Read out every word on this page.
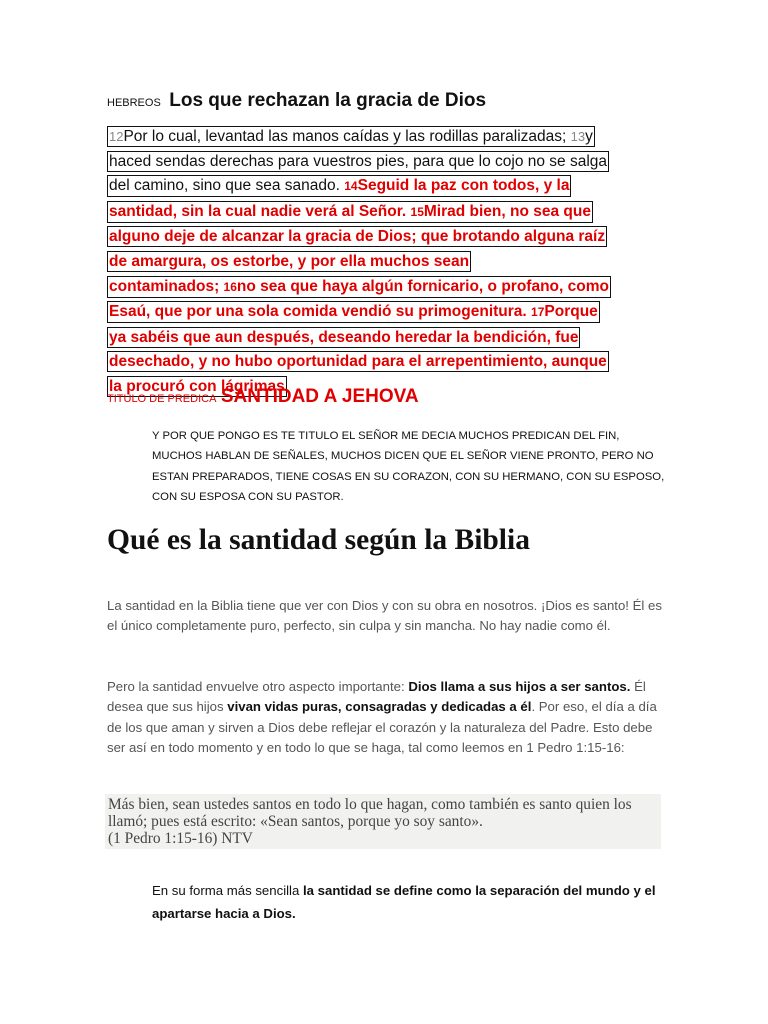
HEBREOS Los que rechazan la gracia de Dios
12Por lo cual, levantad las manos caídas y las rodillas paralizadas; 13y
haced sendas derechas para vuestros pies, para que lo cojo no se salga
del camino, sino que sea sanado. 14Seguid la paz con todos, y la
santidad, sin la cual nadie verá al Señor. 15Mirad bien, no sea que
alguno deje de alcanzar la gracia de Dios; que brotando alguna raíz
de amargura, os estorbe, y por ella muchos sean
contaminados; 16no sea que haya algún fornicario, o profano, como
Esaú, que por una sola comida vendió su primogenitura. 17Porque
ya sabéis que aun después, deseando heredar la bendición, fue
desechado, y no hubo oportunidad para el arrepentimiento, aunque
la procuró con lágrimas
TITULO DE PREDICA SANTIDAD A JEHOVA
Y POR QUE PONGO ES TE TITULO EL SEÑOR ME DECIA MUCHOS PREDICAN DEL FIN,
MUCHOS HABLAN DE SEÑALES, MUCHOS DICEN QUE EL SEÑOR VIENE PRONTO, PERO NO
ESTAN PREPARADOS, TIENE COSAS EN SU CORAZON, CON SU HERMANO, CON SU ESPOSO,
CON SU ESPOSA CON SU PASTOR.
Qué es la santidad según la Biblia
La santidad en la Biblia tiene que ver con Dios y con su obra en nosotros. ¡Dios es santo! Él es el único completamente puro, perfecto, sin culpa y sin mancha. No hay nadie como él.
Pero la santidad envuelve otro aspecto importante: Dios llama a sus hijos a ser santos. Él desea que sus hijos vivan vidas puras, consagradas y dedicadas a él. Por eso, el día a día de los que aman y sirven a Dios debe reflejar el corazón y la naturaleza del Padre. Esto debe ser así en todo momento y en todo lo que se haga, tal como leemos en 1 Pedro 1:15-16:
Más bien, sean ustedes santos en todo lo que hagan, como también es santo quien los llamó; pues está escrito: «Sean santos, porque yo soy santo».
(1 Pedro 1:15-16) NTV
En su forma más sencilla la santidad se define como la separación del mundo y el apartarse hacia a Dios.
